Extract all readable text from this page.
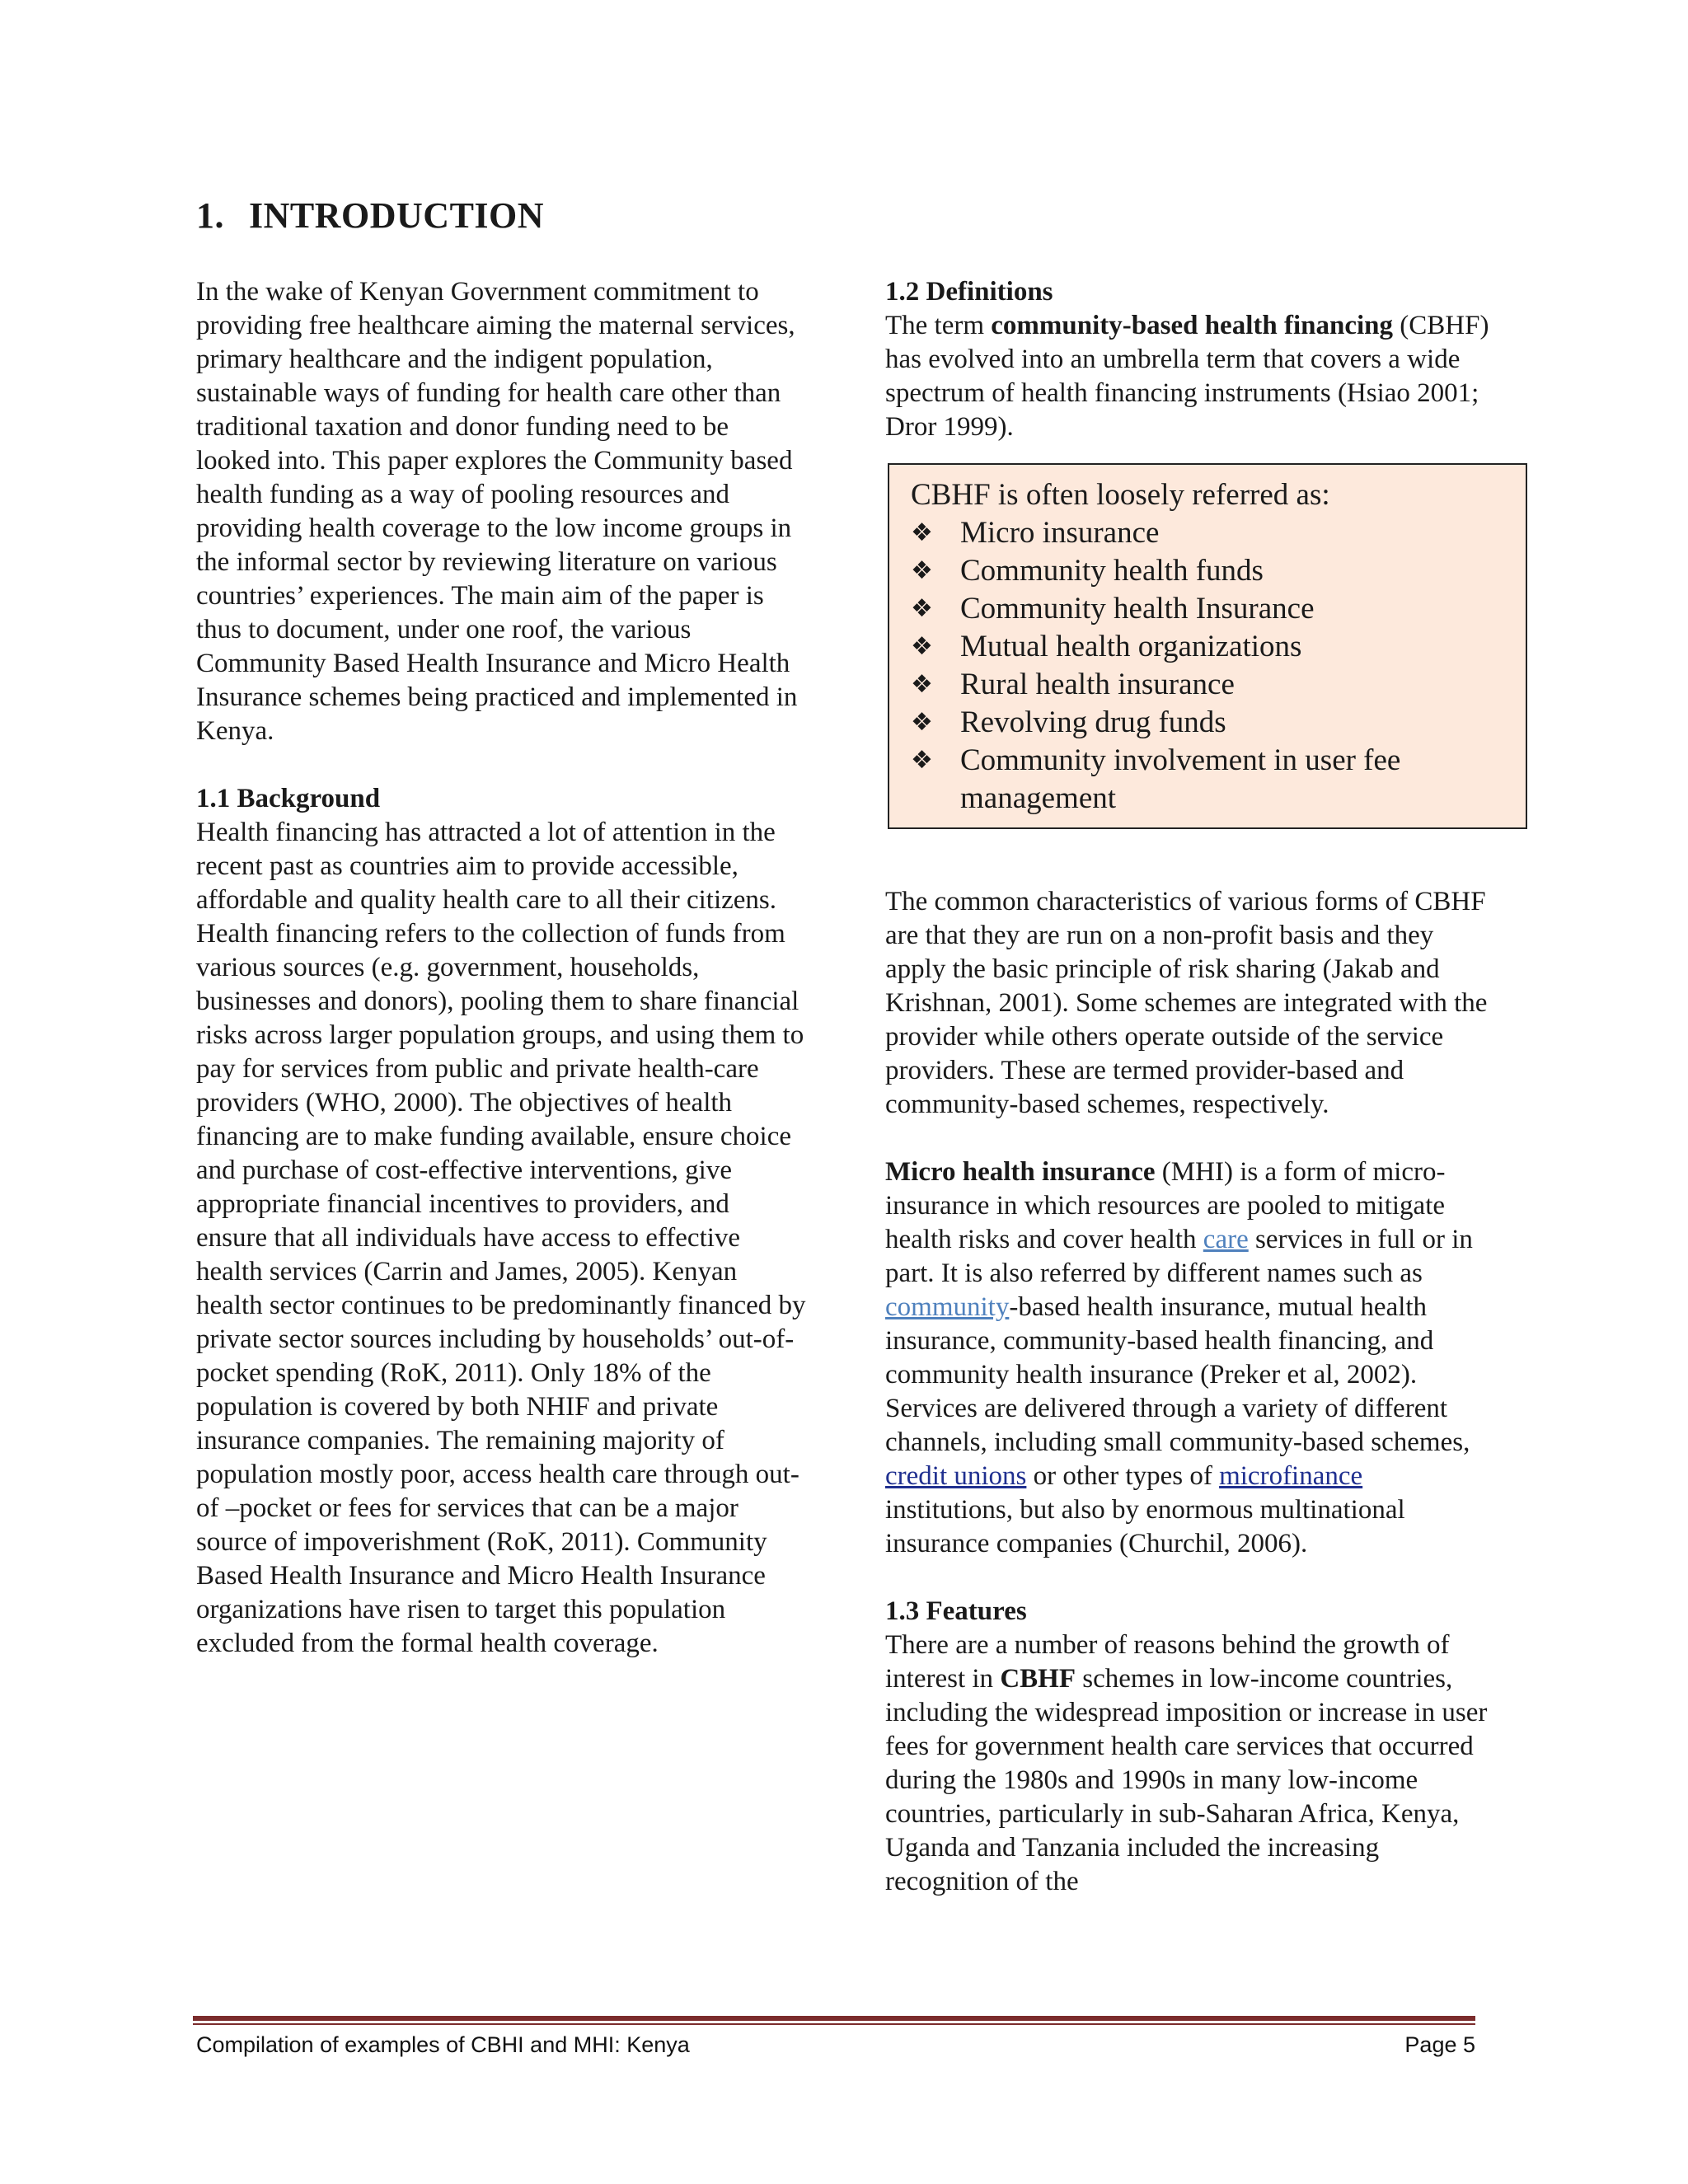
1. INTRODUCTION

In the wake of Kenyan Government commitment to providing free healthcare aiming the maternal services, primary healthcare and the indigent population, sustainable ways of funding for health care other than traditional taxation and donor funding need to be looked into. This paper explores the Community based health funding as a way of pooling resources and providing health coverage to the low income groups in the informal sector by reviewing literature on various countries’ experiences. The main aim of the paper is thus to document, under one roof, the various Community Based Health Insurance and Micro Health Insurance schemes being practiced and implemented in Kenya.

1.1 Background

Health financing has attracted a lot of attention in the recent past as countries aim to provide accessible, affordable and quality health care to all their citizens. Health financing refers to the collection of funds from various sources (e.g. government, households, businesses and donors), pooling them to share financial risks across larger population groups, and using them to pay for services from public and private health-care providers (WHO, 2000). The objectives of health financing are to make funding available, ensure choice and purchase of cost-effective interventions, give appropriate financial incentives to providers, and ensure that all individuals have access to effective health services (Carrin and James, 2005). Kenyan health sector continues to be predominantly financed by private sector sources including by households’ out-of-pocket spending (RoK, 2011). Only 18% of the population is covered by both NHIF and private insurance companies. The remaining majority of population mostly poor, access health care through out-of –pocket or fees for services that can be a major source of impoverishment (RoK, 2011). Community Based Health Insurance and Micro Health Insurance organizations have risen to target this population excluded from the formal health coverage.

1.2 Definitions

The term community-based health financing (CBHF) has evolved into an umbrella term that covers a wide spectrum of health financing instruments (Hsiao 2001; Dror 1999).

CBHF is often loosely referred as:
❖ Micro insurance
❖ Community health funds
❖ Community health Insurance
❖ Mutual health organizations
❖ Rural health insurance
❖ Revolving drug funds
❖ Community involvement in user fee management

The common characteristics of various forms of CBHF are that they are run on a non-profit basis and they apply the basic principle of risk sharing (Jakab and Krishnan, 2001). Some schemes are integrated with the provider while others operate outside of the service providers. These are termed provider-based and community-based schemes, respectively.

Micro health insurance (MHI) is a form of micro-insurance in which resources are pooled to mitigate health risks and cover health care services in full or in part. It is also referred by different names such as community-based health insurance, mutual health insurance, community-based health financing, and community health insurance (Preker et al, 2002). Services are delivered through a variety of different channels, including small community-based schemes, credit unions or other types of microfinance institutions, but also by enormous multinational insurance companies (Churchil, 2006).

1.3 Features

There are a number of reasons behind the growth of interest in CBHF schemes in low-income countries, including the widespread imposition or increase in user fees for government health care services that occurred during the 1980s and 1990s in many low-income countries, particularly in sub-Saharan Africa, Kenya, Uganda and Tanzania included the increasing recognition of the

Compilation of examples of CBHI and MHI: Kenya	Page 5
